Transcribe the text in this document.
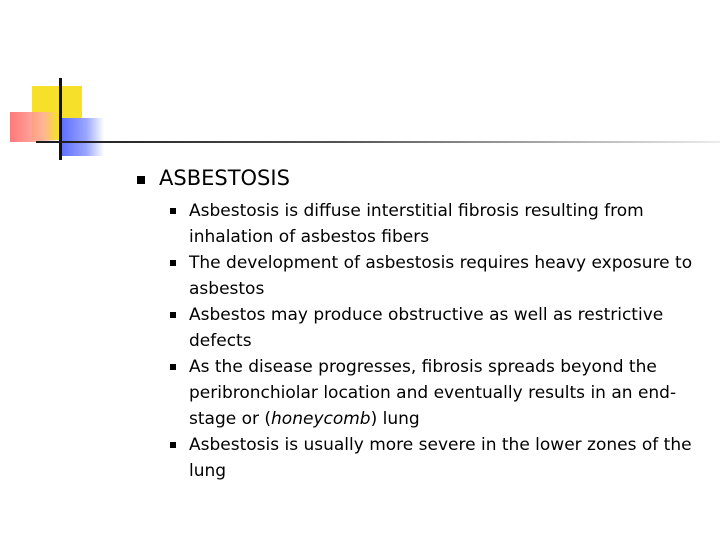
ASBESTOSIS
Asbestosis is diffuse interstitial fibrosis resulting from inhalation of asbestos fibers
The development of asbestosis requires heavy exposure to asbestos
Asbestos may produce obstructive as well as restrictive defects
As the disease progresses, fibrosis spreads beyond the peribronchiolar location and eventually results in an end-stage or (honeycomb) lung
Asbestosis is usually more severe in the lower zones of the lung
